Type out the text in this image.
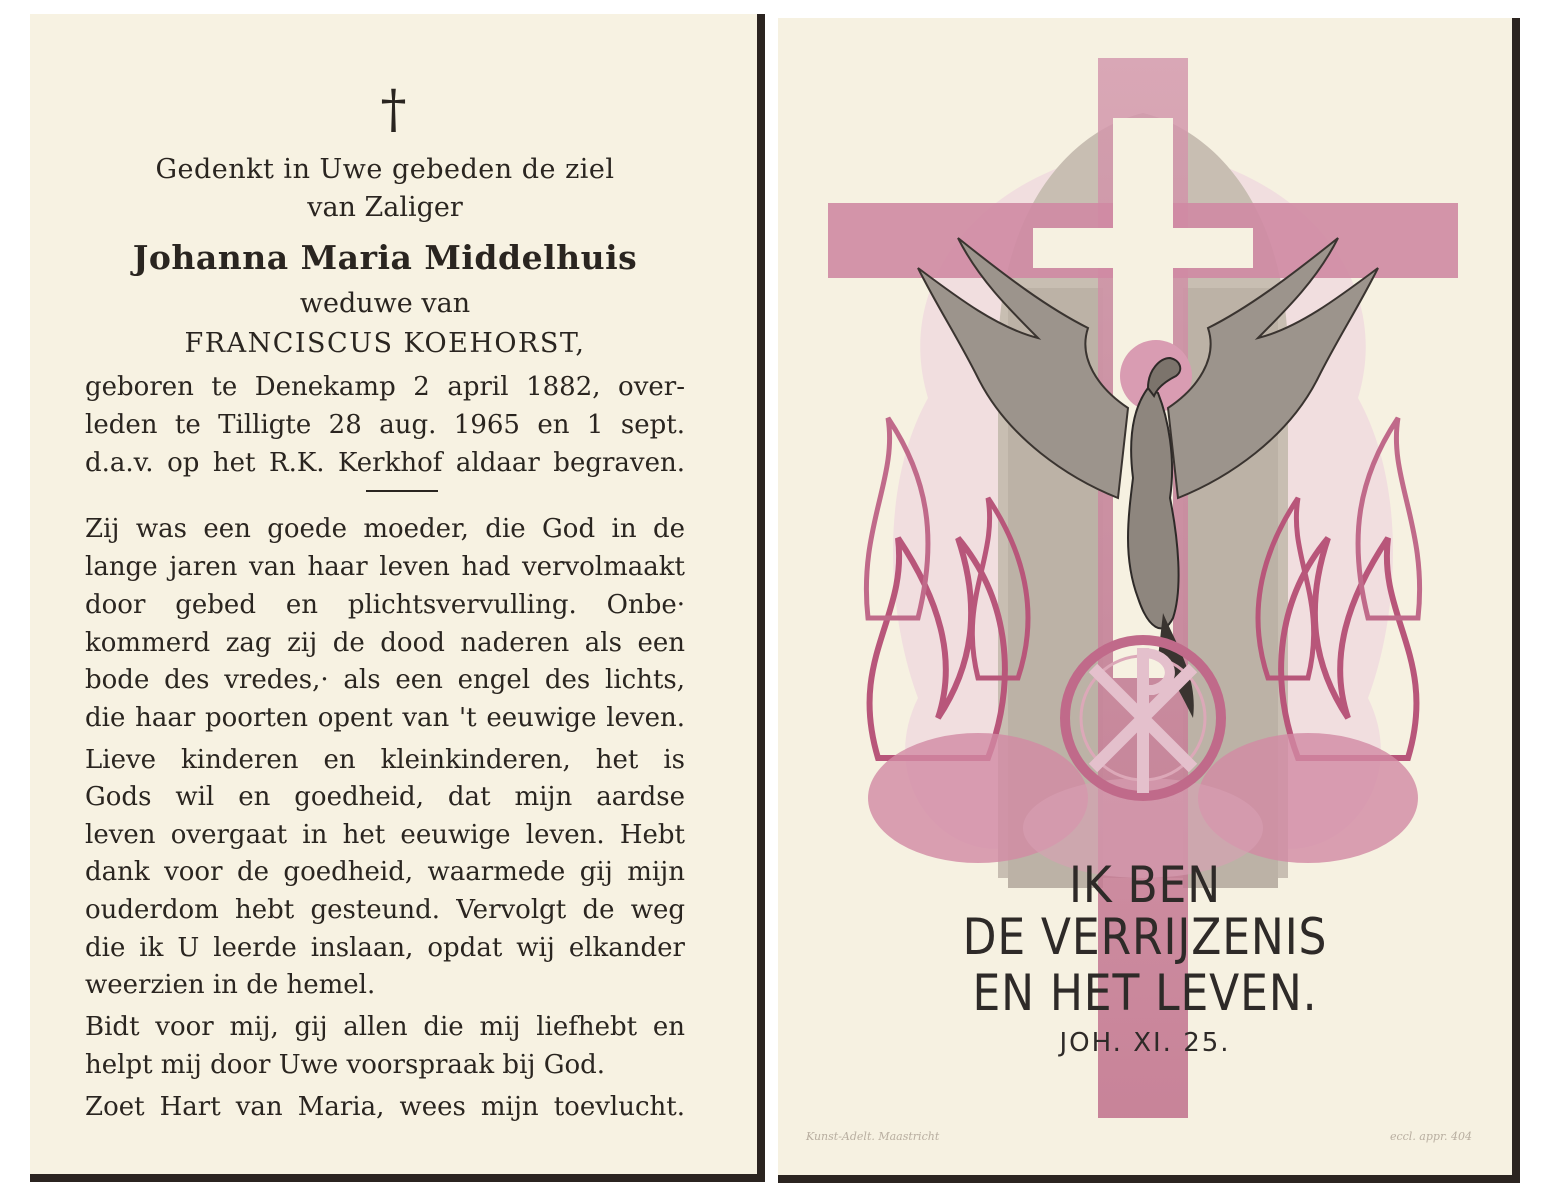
†
Gedenkt in Uwe gebeden de ziel
van Zaliger
Johanna Maria Middelhuis
weduwe van
FRANCISCUS KOEHORST,
geboren te Denekamp 2 april 1882, over-
leden te Tilligte 28 aug. 1965 en 1 sept.
d.a.v. op het R.K. Kerkhof aldaar begraven.
Zij was een goede moeder, die God in de
lange jaren van haar leven had vervolmaakt
door gebed en plichtsvervulling. Onbe·
kommerd zag zij de dood naderen als een
bode des vredes,· als een engel des lichts,
die haar poorten opent van 't eeuwige leven.
Lieve kinderen en kleinkinderen, het is
Gods wil en goedheid, dat mijn aardse
leven overgaat in het eeuwige leven. Hebt
dank voor de goedheid, waarmede gij mijn
ouderdom hebt gesteund. Vervolgt de weg
die ik U leerde inslaan, opdat wij elkander
weerzien in de hemel.
Bidt voor mij, gij allen die mij liefhebt en
helpt mij door Uwe voorspraak bij God.
Zoet Hart van Maria, wees mijn toevlucht.
IK BEN
DE VERRIJZENIS
EN HET LEVEN.
JOH. XI. 25.
Kunst-Adelt. Maastricht	eccl. appr. 404
